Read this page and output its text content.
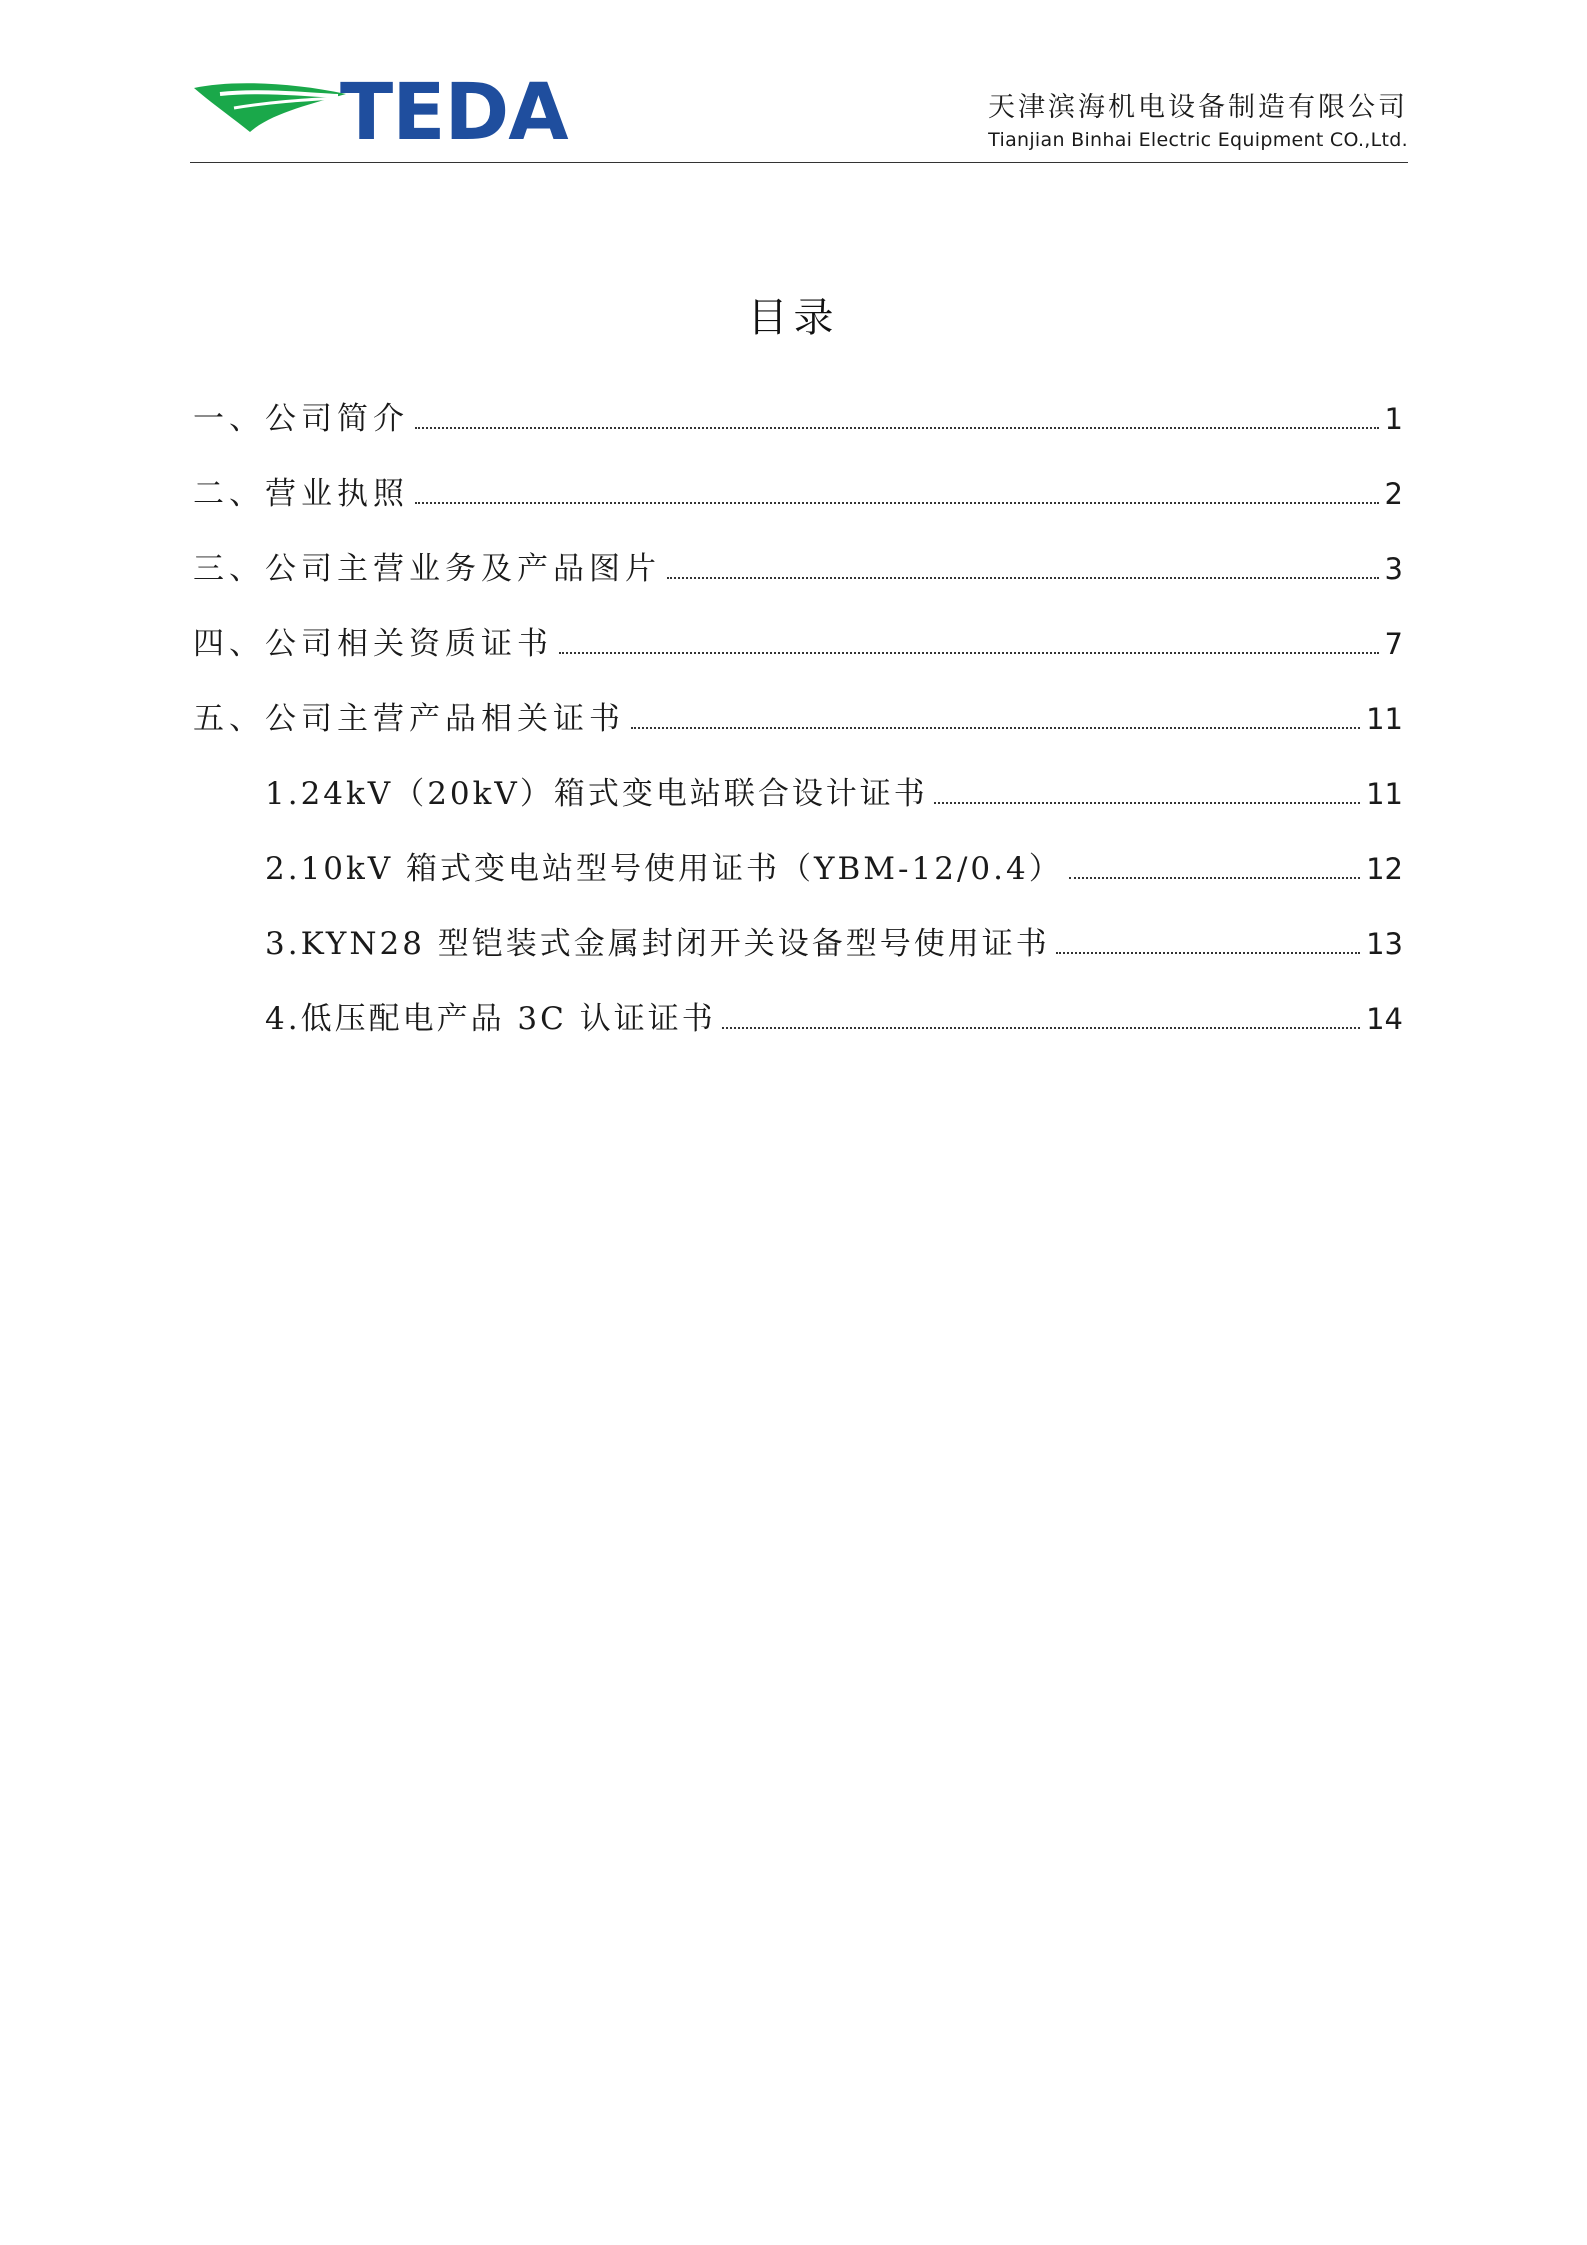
TEDA	天津滨海机电设备制造有限公司
Tianjian Binhai Electric Equipment CO.,Ltd.
目录
一、公司简介	1
二、营业执照	2
三、公司主营业务及产品图片	3
四、公司相关资质证书	7
五、公司主营产品相关证书	11
1.24kV（20kV）箱式变电站联合设计证书	11
2.10kV 箱式变电站型号使用证书（YBM-12/0.4）	12
3.KYN28 型铠装式金属封闭开关设备型号使用证书	13
4.低压配电产品 3C 认证证书	14
